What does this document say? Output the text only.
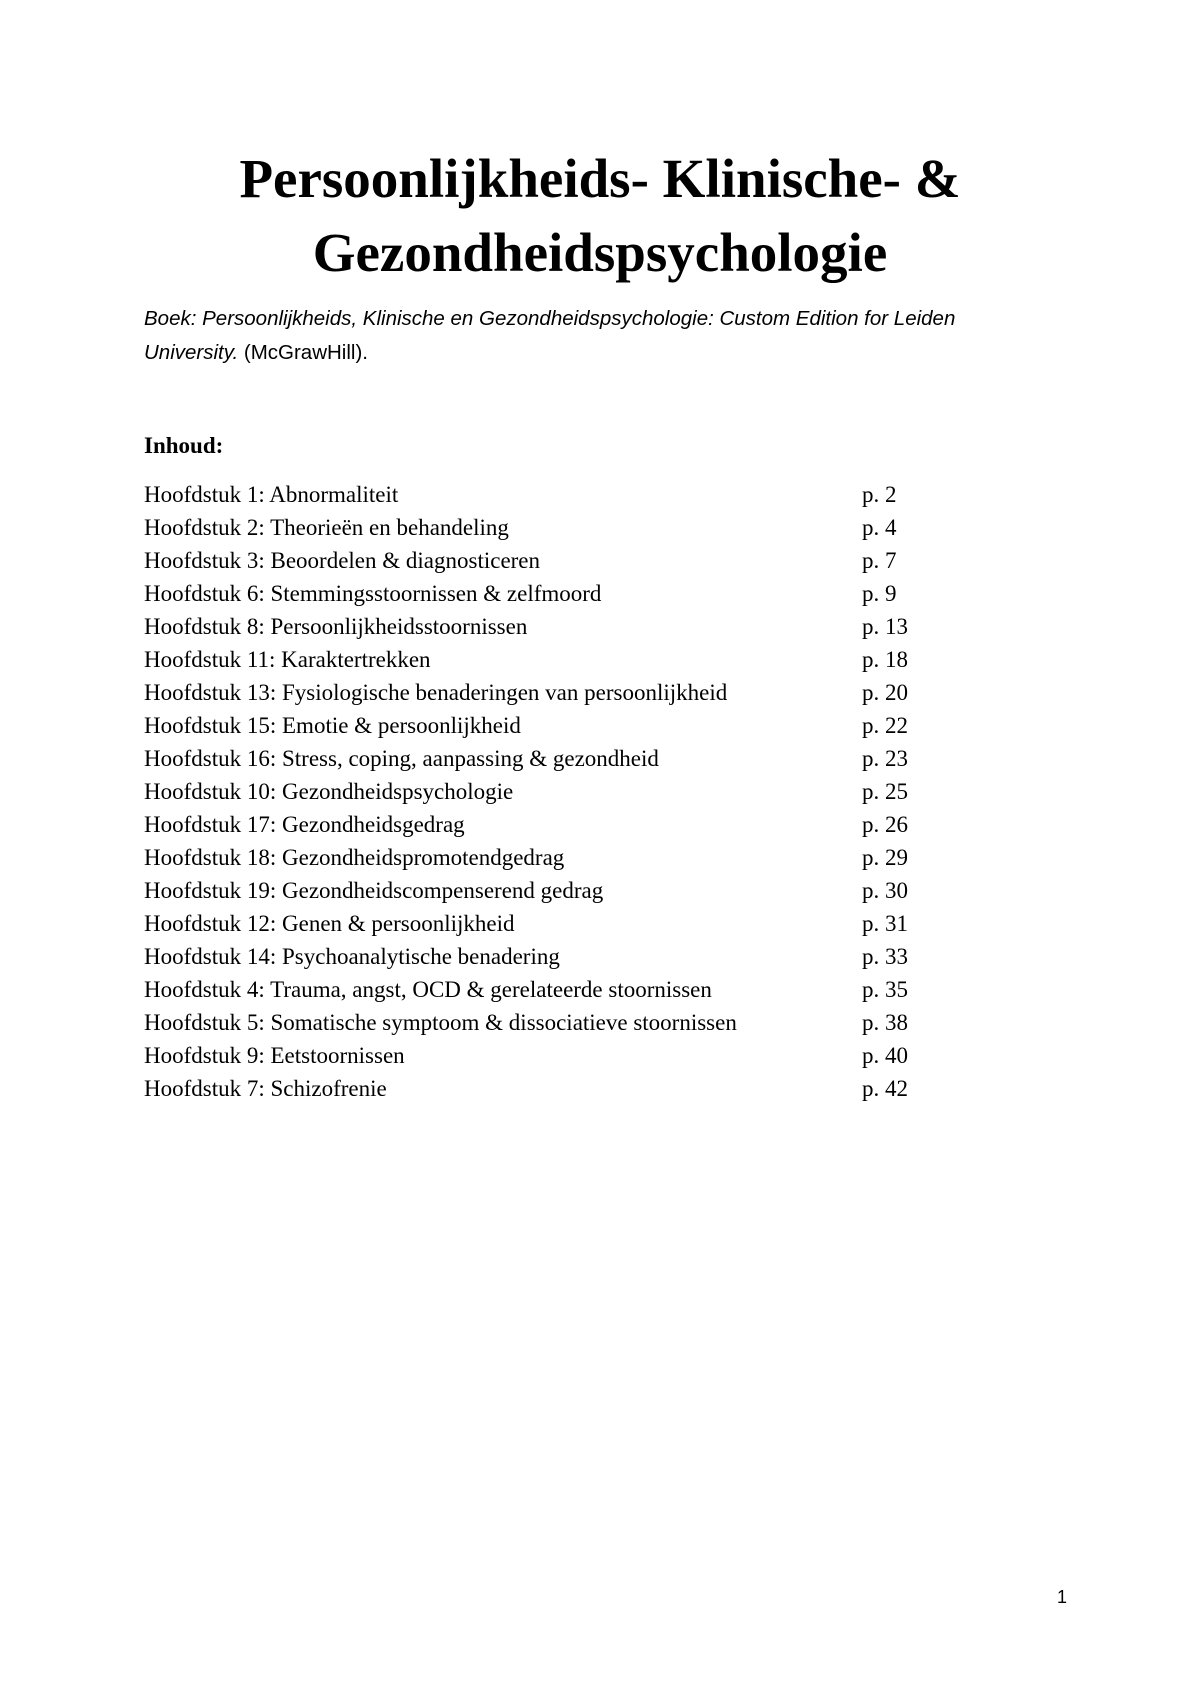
Persoonlijkheids- Klinische- &
Gezondheidspsychologie
Boek: Persoonlijkheids, Klinische en Gezondheidspsychologie: Custom Edition for Leiden University. (McGrawHill).
Inhoud:
Hoofdstuk 1: Abnormaliteit	p. 2
Hoofdstuk 2: Theorieën en behandeling	p. 4
Hoofdstuk 3: Beoordelen & diagnosticeren	p. 7
Hoofdstuk 6: Stemmingsstoornissen & zelfmoord	p. 9
Hoofdstuk 8: Persoonlijkheidsstoornissen	p. 13
Hoofdstuk 11: Karaktertrekken	p. 18
Hoofdstuk 13: Fysiologische benaderingen van persoonlijkheid	p. 20
Hoofdstuk 15: Emotie & persoonlijkheid	p. 22
Hoofdstuk 16: Stress, coping, aanpassing & gezondheid	p. 23
Hoofdstuk 10: Gezondheidspsychologie	p. 25
Hoofdstuk 17: Gezondheidsgedrag	p. 26
Hoofdstuk 18: Gezondheidspromotendgedrag	p. 29
Hoofdstuk 19: Gezondheidscompenserend gedrag	p. 30
Hoofdstuk 12: Genen & persoonlijkheid	p. 31
Hoofdstuk 14: Psychoanalytische benadering	p. 33
Hoofdstuk 4: Trauma, angst, OCD & gerelateerde stoornissen	p. 35
Hoofdstuk 5: Somatische symptoom & dissociatieve stoornissen	p. 38
Hoofdstuk 9: Eetstoornissen	p. 40
Hoofdstuk 7: Schizofrenie	p. 42
1
